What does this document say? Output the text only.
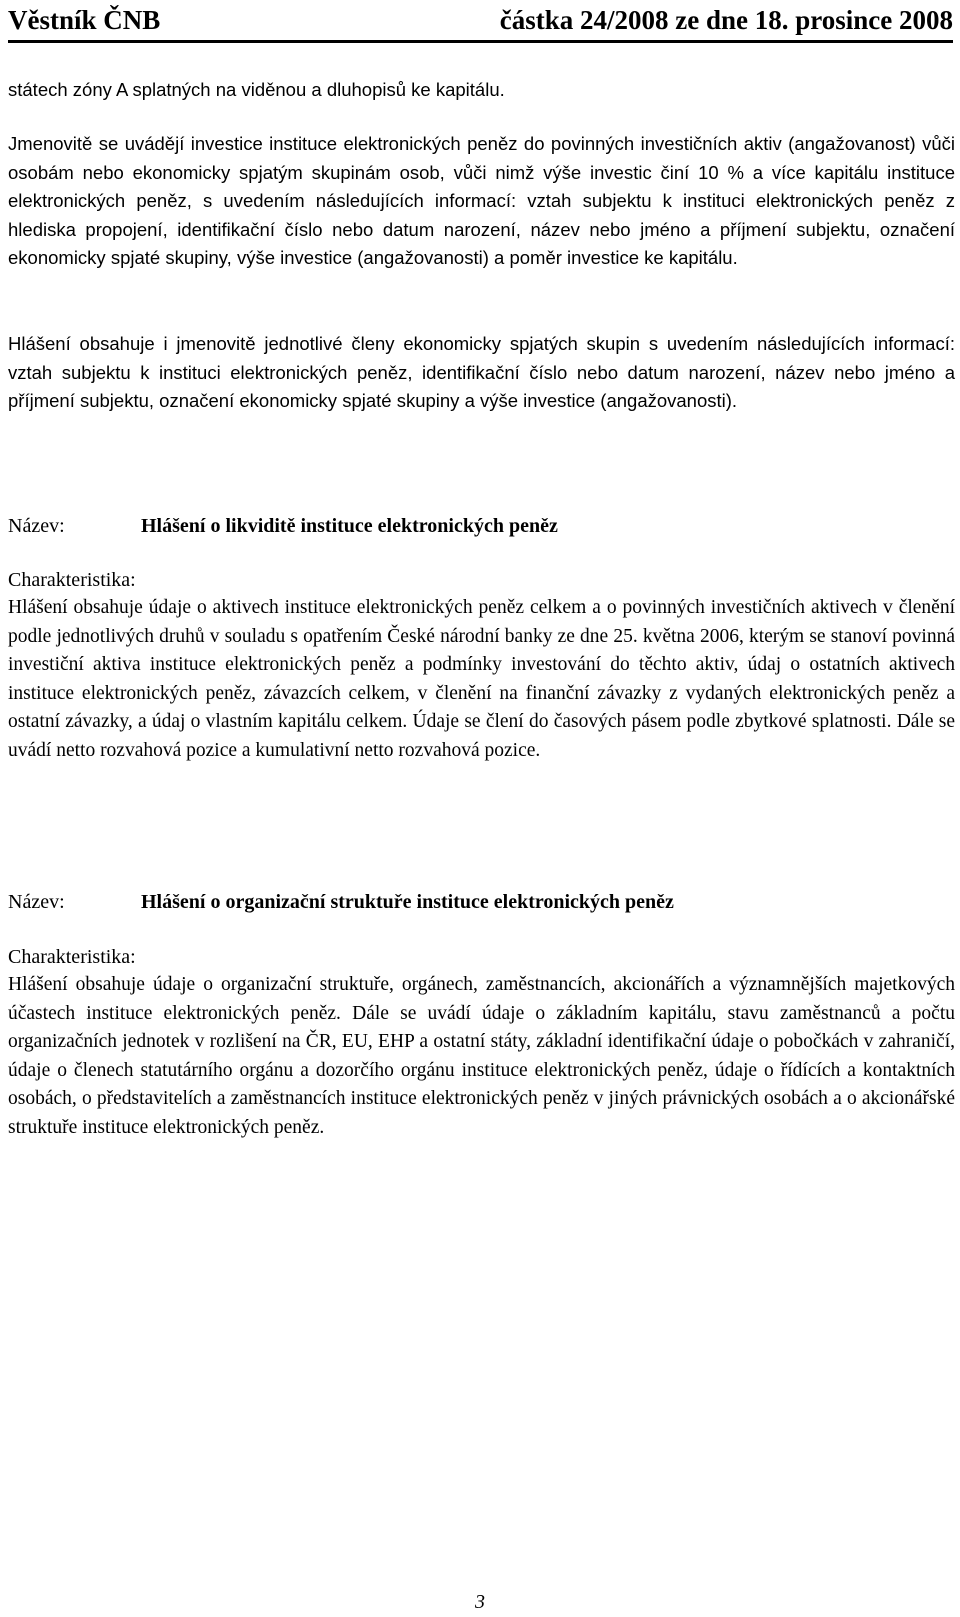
Věstník ČNB	částka 24/2008 ze dne 18. prosince 2008

státech zóny A splatných na viděnou a dluhopisů ke kapitálu.

Jmenovitě se uvádějí investice instituce elektronických peněz do povinných investičních aktiv (angažovanost) vůči osobám nebo ekonomicky spjatým skupinám osob, vůči nimž výše investic činí 10 % a více kapitálu instituce elektronických peněz, s uvedením následujících informací: vztah subjektu k instituci elektronických peněz z hlediska propojení, identifikační číslo nebo datum narození, název nebo jméno a příjmení subjektu, označení ekonomicky spjaté skupiny, výše investice (angažovanosti) a poměr investice ke kapitálu.

Hlášení obsahuje i jmenovitě jednotlivé členy ekonomicky spjatých skupin s uvedením následujících informací: vztah subjektu k instituci elektronických peněz, identifikační číslo nebo datum narození, název nebo jméno a příjmení subjektu, označení ekonomicky spjaté skupiny a výše investice (angažovanosti).

Název:	Hlášení o likviditě instituce elektronických peněz
Charakteristika:

Hlášení obsahuje údaje o aktivech instituce elektronických peněz celkem a o povinných investičních aktivech v členění podle jednotlivých druhů v souladu s opatřením České národní banky ze dne 25. května 2006, kterým se stanoví povinná investiční aktiva instituce elektronických peněz a podmínky investování do těchto aktiv, údaj o ostatních aktivech instituce elektronických peněz, závazcích celkem, v členění na finanční závazky z vydaných elektronických peněz a ostatní závazky, a údaj o vlastním kapitálu celkem. Údaje se člení do časových pásem podle zbytkové splatnosti. Dále se uvádí netto rozvahová pozice a kumulativní netto rozvahová pozice.

Název:	Hlášení o organizační struktuře instituce elektronických peněz
Charakteristika:

Hlášení obsahuje údaje o organizační struktuře, orgánech, zaměstnancích, akcionářích a významnějších majetkových účastech instituce elektronických peněz. Dále se uvádí údaje o základním kapitálu, stavu zaměstnanců a počtu organizačních jednotek v rozlišení na ČR, EU, EHP a ostatní státy, základní identifikační údaje o pobočkách v zahraničí, údaje o členech statutárního orgánu a dozorčího orgánu instituce elektronických peněz, údaje o řídících a kontaktních osobách, o představitelích a zaměstnancích instituce elektronických peněz v jiných právnických osobách a o akcionářské struktuře instituce elektronických peněz.

3
